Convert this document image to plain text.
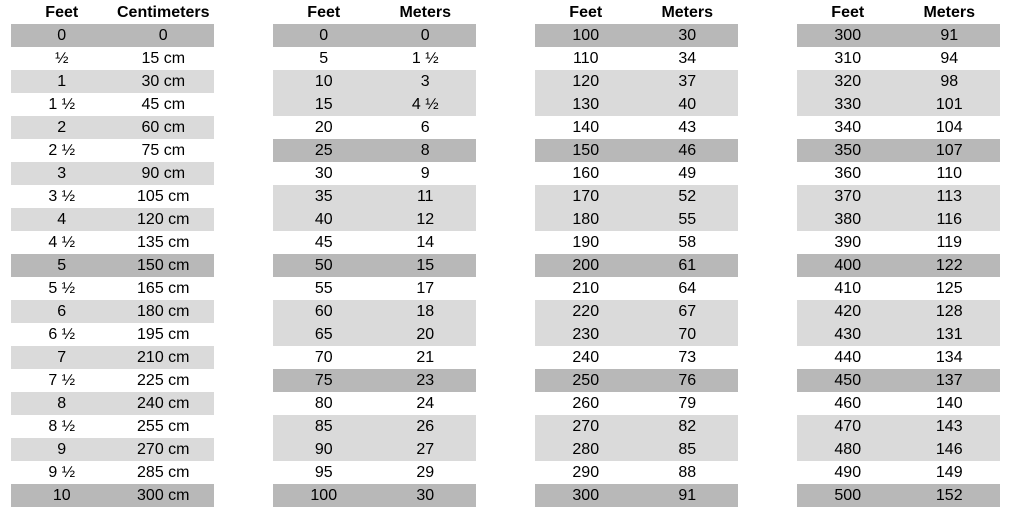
Feet	Centimeters
0	0
½	15 cm
1	30 cm
1 ½	45 cm
2	60 cm
2 ½	75 cm
3	90 cm
3 ½	105 cm
4	120 cm
4 ½	135 cm
5	150 cm
5 ½	165 cm
6	180 cm
6 ½	195 cm
7	210 cm
7 ½	225 cm
8	240 cm
8 ½	255 cm
9	270 cm
9 ½	285 cm
10	300 cm
Feet	Meters
0	0
5	1 ½
10	3
15	4 ½
20	6
25	8
30	9
35	11
40	12
45	14
50	15
55	17
60	18
65	20
70	21
75	23
80	24
85	26
90	27
95	29
100	30
Feet	Meters
100	30
110	34
120	37
130	40
140	43
150	46
160	49
170	52
180	55
190	58
200	61
210	64
220	67
230	70
240	73
250	76
260	79
270	82
280	85
290	88
300	91
Feet	Meters
300	91
310	94
320	98
330	101
340	104
350	107
360	110
370	113
380	116
390	119
400	122
410	125
420	128
430	131
440	134
450	137
460	140
470	143
480	146
490	149
500	152
